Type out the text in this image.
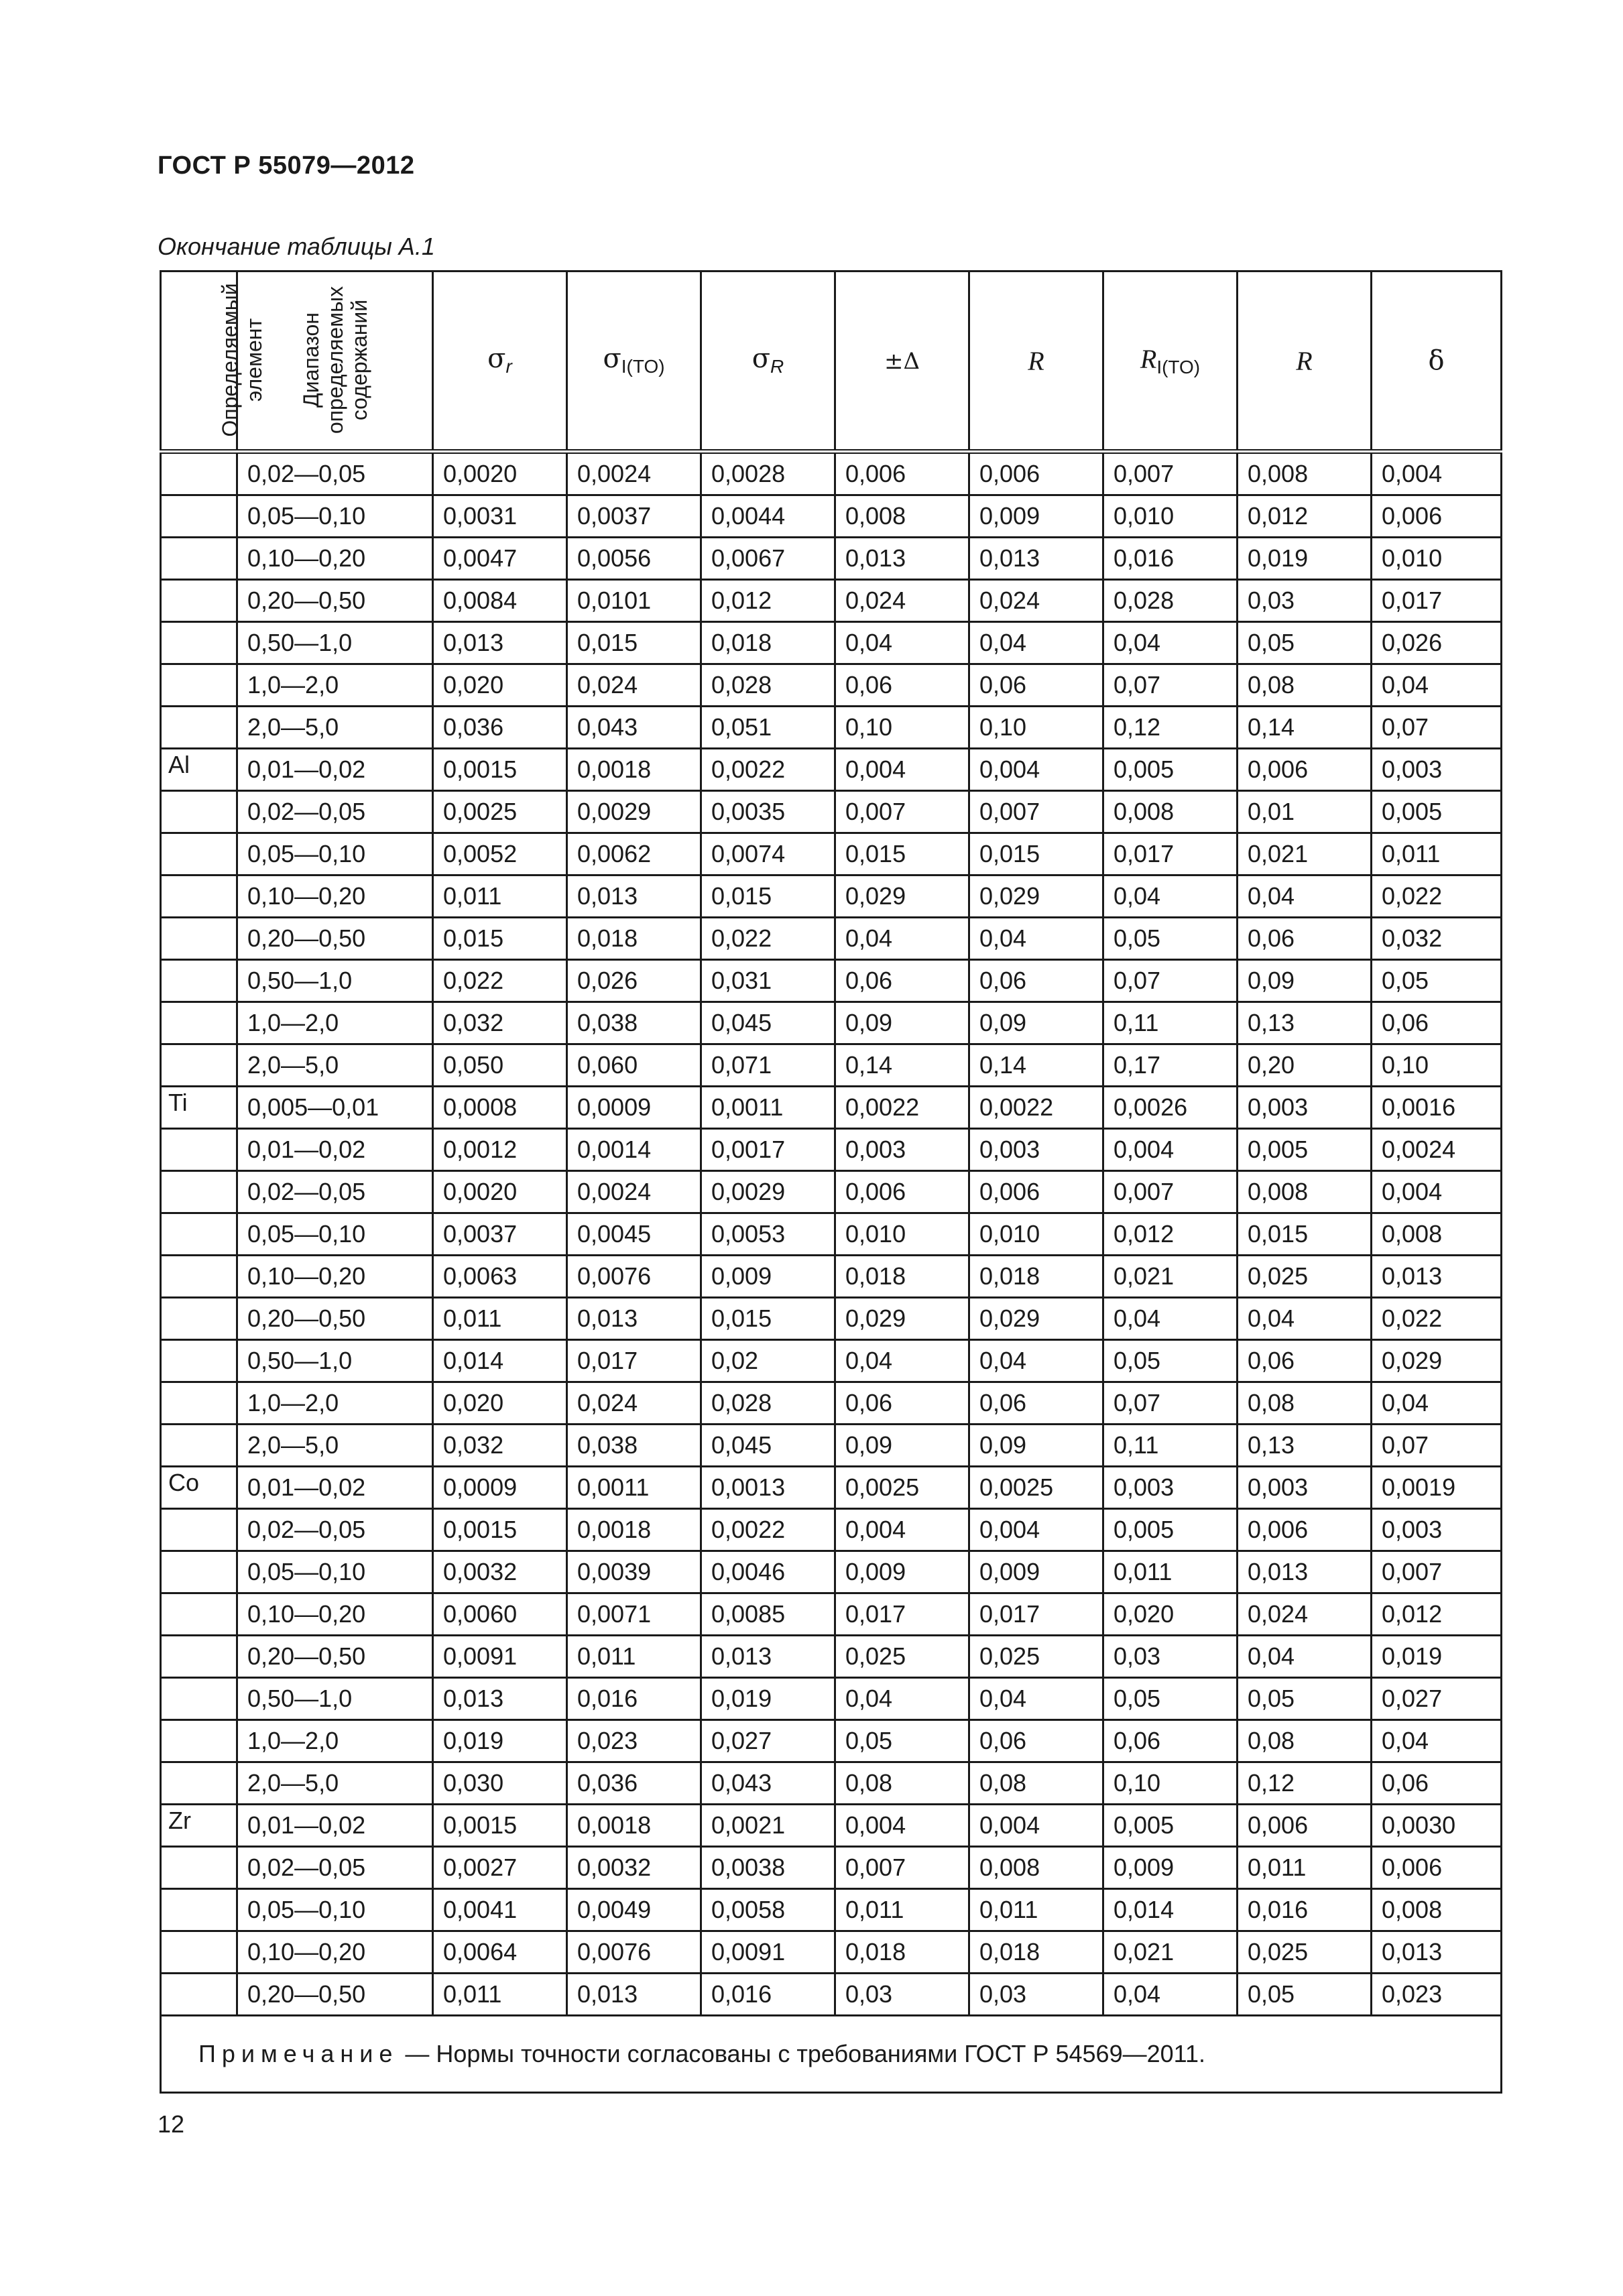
ГОСТ Р 55079—2012
Окончание таблицы А.1
Определяемый элемент	Диапазон определяемых содержаний	$\sigma_r$	$\sigma_{I(TO)}$	$\sigma_R$	±Δ	R	$R_{I(TO)}$	R	δ
	0,02—0,05	0,0020	0,0024	0,0028	0,006	0,006	0,007	0,008	0,004
	0,05—0,10	0,0031	0,0037	0,0044	0,008	0,009	0,010	0,012	0,006
	0,10—0,20	0,0047	0,0056	0,0067	0,013	0,013	0,016	0,019	0,010
	0,20—0,50	0,0084	0,0101	0,012	0,024	0,024	0,028	0,03	0,017
	0,50—1,0	0,013	0,015	0,018	0,04	0,04	0,04	0,05	0,026
	1,0—2,0	0,020	0,024	0,028	0,06	0,06	0,07	0,08	0,04
	2,0—5,0	0,036	0,043	0,051	0,10	0,10	0,12	0,14	0,07
Al	0,01—0,02	0,0015	0,0018	0,0022	0,004	0,004	0,005	0,006	0,003
	0,02—0,05	0,0025	0,0029	0,0035	0,007	0,007	0,008	0,01	0,005
	0,05—0,10	0,0052	0,0062	0,0074	0,015	0,015	0,017	0,021	0,011
	0,10—0,20	0,011	0,013	0,015	0,029	0,029	0,04	0,04	0,022
	0,20—0,50	0,015	0,018	0,022	0,04	0,04	0,05	0,06	0,032
	0,50—1,0	0,022	0,026	0,031	0,06	0,06	0,07	0,09	0,05
	1,0—2,0	0,032	0,038	0,045	0,09	0,09	0,11	0,13	0,06
	2,0—5,0	0,050	0,060	0,071	0,14	0,14	0,17	0,20	0,10
Ti	0,005—0,01	0,0008	0,0009	0,0011	0,0022	0,0022	0,0026	0,003	0,0016
	0,01—0,02	0,0012	0,0014	0,0017	0,003	0,003	0,004	0,005	0,0024
	0,02—0,05	0,0020	0,0024	0,0029	0,006	0,006	0,007	0,008	0,004
	0,05—0,10	0,0037	0,0045	0,0053	0,010	0,010	0,012	0,015	0,008
	0,10—0,20	0,0063	0,0076	0,009	0,018	0,018	0,021	0,025	0,013
	0,20—0,50	0,011	0,013	0,015	0,029	0,029	0,04	0,04	0,022
	0,50—1,0	0,014	0,017	0,02	0,04	0,04	0,05	0,06	0,029
	1,0—2,0	0,020	0,024	0,028	0,06	0,06	0,07	0,08	0,04
	2,0—5,0	0,032	0,038	0,045	0,09	0,09	0,11	0,13	0,07
Co	0,01—0,02	0,0009	0,0011	0,0013	0,0025	0,0025	0,003	0,003	0,0019
	0,02—0,05	0,0015	0,0018	0,0022	0,004	0,004	0,005	0,006	0,003
	0,05—0,10	0,0032	0,0039	0,0046	0,009	0,009	0,011	0,013	0,007
	0,10—0,20	0,0060	0,0071	0,0085	0,017	0,017	0,020	0,024	0,012
	0,20—0,50	0,0091	0,011	0,013	0,025	0,025	0,03	0,04	0,019
	0,50—1,0	0,013	0,016	0,019	0,04	0,04	0,05	0,05	0,027
	1,0—2,0	0,019	0,023	0,027	0,05	0,06	0,06	0,08	0,04
	2,0—5,0	0,030	0,036	0,043	0,08	0,08	0,10	0,12	0,06
Zr	0,01—0,02	0,0015	0,0018	0,0021	0,004	0,004	0,005	0,006	0,0030
	0,02—0,05	0,0027	0,0032	0,0038	0,007	0,008	0,009	0,011	0,006
	0,05—0,10	0,0041	0,0049	0,0058	0,011	0,011	0,014	0,016	0,008
	0,10—0,20	0,0064	0,0076	0,0091	0,018	0,018	0,021	0,025	0,013
	0,20—0,50	0,011	0,013	0,016	0,03	0,03	0,04	0,05	0,023
Примечание — Нормы точности согласованы с требованиями ГОСТ Р 54569—2011.									
12
